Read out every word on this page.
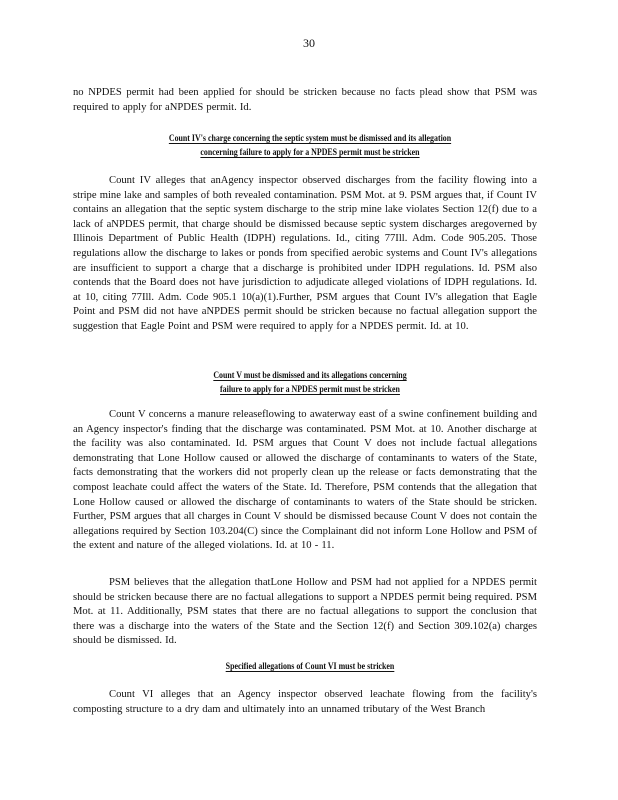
30

no NPDES permit had been applied for should be stricken because no facts plead show that PSM was required to apply for aNPDES permit. Id.

Count IV's charge concerning the septic system must be dismissed and its allegation
concerning failure to apply for a NPDES permit must be stricken

Count IV alleges that anAgency inspector observed discharges from the facility flowing into a stripe mine lake and samples of both revealed contamination. PSM Mot. at 9. PSM argues that, if Count IV contains an allegation that the septic system discharge to the strip mine lake violates Section 12(f) due to a lack of aNPDES permit, that charge should be dismissed because septic system discharges aregoverned by Illinois Department of Public Health (IDPH) regulations. Id., citing 77Ill. Adm. Code 905.205. Those regulations allow the discharge to lakes or ponds from specified aerobic systems and Count IV's allegations are insufficient to support a charge that a discharge is prohibited under IDPH regulations. Id. PSM also contends that the Board does not have jurisdiction to adjudicate alleged violations of IDPH regulations. Id. at 10, citing 77Ill. Adm. Code 905.1 10(a)(1).Further, PSM argues that Count IV's allegation that Eagle Point and PSM did not have aNPDES permit should be stricken because no factual allegation support the suggestion that Eagle Point and PSM were required to apply for a NPDES permit. Id. at 10.

Count V must be dismissed and its allegations concerning
failure to apply for a NPDES permit must be stricken

Count V concerns a manure releaseflowing to awaterway east of a swine confinement building and an Agency inspector's finding that the discharge was contaminated. PSM Mot. at 10. Another discharge at the facility was also contaminated. Id. PSM argues that Count V does not include factual allegations demonstrating that Lone Hollow caused or allowed the discharge of contaminants to waters of the State, facts demonstrating that the workers did not properly clean up the release or facts demonstrating that the compost leachate could affect the waters of the State. Id. Therefore, PSM contends that the allegation that Lone Hollow caused or allowed the discharge of contaminants to waters of the State should be stricken. Further, PSM argues that all charges in Count V should be dismissed because Count V does not contain the allegations required by Section 103.204(C) since the Complainant did not inform Lone Hollow and PSM of the extent and nature of the alleged violations. Id. at 10 - 11.

PSM believes that the allegation thatLone Hollow and PSM had not applied for a NPDES permit should be stricken because there are no factual allegations to support a NPDES permit being required. PSM Mot. at 11. Additionally, PSM states that there are no factual allegations to support the conclusion that there was a discharge into the waters of the State and the Section 12(f) and Section 309.102(a) charges should be dismissed. Id.

Specified allegations of Count VI must be stricken

Count VI alleges that an Agency inspector observed leachate flowing from the facility's composting structure to a dry dam and ultimately into an unnamed tributary of the West Branch
